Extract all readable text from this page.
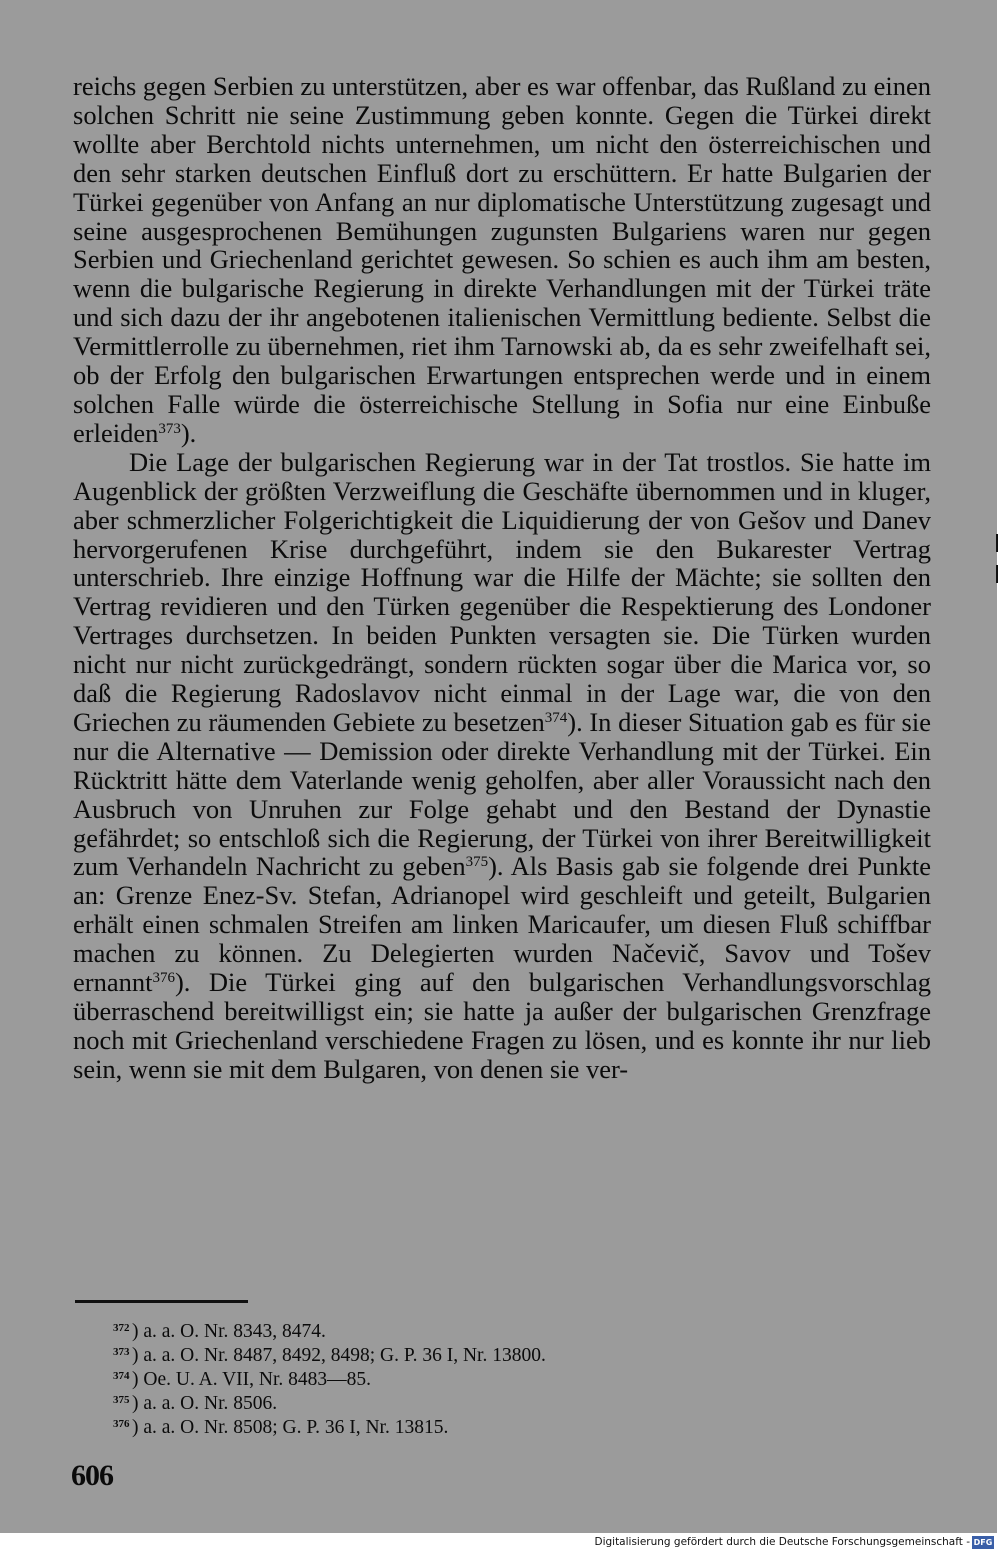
reichs gegen Serbien zu unterstützen, aber es war offenbar, das Rußland zu einen solchen Schritt nie seine Zustimmung geben konnte. Gegen die Türkei direkt wollte aber Berchtold nichts unternehmen, um nicht den österreichischen und den sehr starken deutschen Einfluß dort zu erschüttern. Er hatte Bulgarien der Türkei gegenüber von Anfang an nur diplomatische Unterstützung zugesagt und seine ausgesprochenen Bemühungen zugunsten Bulgariens waren nur gegen Serbien und Griechenland gerichtet gewesen. So schien es auch ihm am besten, wenn die bulgarische Regierung in direkte Verhandlungen mit der Türkei träte und sich dazu der ihr angebotenen italienischen Vermittlung bediente. Selbst die Vermittlerrolle zu übernehmen, riet ihm Tarnowski ab, da es sehr zweifelhaft sei, ob der Erfolg den bulgarischen Erwartungen entsprechen werde und in einem solchen Falle würde die österreichische Stellung in Sofia nur eine Einbuße erleiden$^{373}$).

Die Lage der bulgarischen Regierung war in der Tat trostlos. Sie hatte im Augenblick der größten Verzweiflung die Geschäfte übernommen und in kluger, aber schmerzlicher Folgerichtigkeit die Liquidierung der von Gešov und Danev hervorgerufenen Krise durchgeführt, indem sie den Bukarester Vertrag unterschrieb. Ihre einzige Hoffnung war die Hilfe der Mächte; sie sollten den Vertrag revidieren und den Türken gegenüber die Respektierung des Londoner Vertrages durchsetzen. In beiden Punkten versagten sie. Die Türken wurden nicht nur nicht zurückgedrängt, sondern rückten sogar über die Marica vor, so daß die Regierung Radoslavov nicht einmal in der Lage war, die von den Griechen zu räumenden Gebiete zu besetzen$^{374}$). In dieser Situation gab es für sie nur die Alternative — Demission oder direkte Verhandlung mit der Türkei. Ein Rücktritt hätte dem Vaterlande wenig geholfen, aber aller Voraussicht nach den Ausbruch von Unruhen zur Folge gehabt und den Bestand der Dynastie gefährdet; so entschloß sich die Regierung, der Türkei von ihrer Bereitwilligkeit zum Verhandeln Nachricht zu geben$^{375}$). Als Basis gab sie folgende drei Punkte an: Grenze Enez-Sv. Stefan, Adrianopel wird geschleift und geteilt, Bulgarien erhält einen schmalen Streifen am linken Maricaufer, um diesen Fluß schiffbar machen zu können. Zu Delegierten wurden Načevič, Savov und Tošev ernannt$^{376}$). Die Türkei ging auf den bulgarischen Verhandlungsvorschlag überraschend bereitwilligst ein; sie hatte ja außer der bulgarischen Grenzfrage noch mit Griechenland verschiedene Fragen zu lösen, und es konnte ihr nur lieb sein, wenn sie mit dem Bulgaren, von denen sie ver-

372 ) a. a. O. Nr. 8343, 8474.
373 ) a. a. O. Nr. 8487, 8492, 8498; G. P. 36 I, Nr. 13800.
374 ) Oe. U. A. VII, Nr. 8483—85.
375 ) a. a. O. Nr. 8506.
376 ) a. a. O. Nr. 8508; G. P. 36 I, Nr. 13815.
606
Digitalisierung gefördert durch die Deutsche Forschungsgemeinschaft - DFG
